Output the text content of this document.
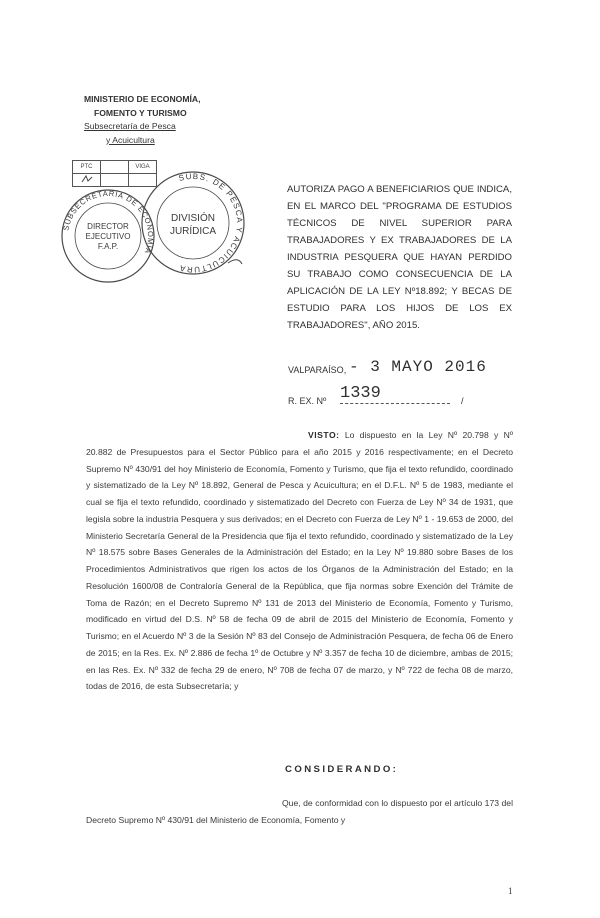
MINISTERIO DE ECONOMÍA,
FOMENTO Y TURISMO
Subsecretaría de Pesca
y Acuicultura
PTC		VIGA

SUBSECRETARÍA DE ECONOMÍA
DIRECTOR
EJECUTIVO
F.A.P.
SUBS. DE PESCA Y ACUICULTURA
DIVISIÓN
JURÍDICA
AUTORIZA PAGO A BENEFICIARIOS QUE INDICA, EN EL MARCO DEL "PROGRAMA DE ESTUDIOS TÉCNICOS DE NIVEL SUPERIOR PARA TRABAJADORES Y EX TRABAJADORES DE LA INDUSTRIA PESQUERA QUE HAYAN PERDIDO SU TRABAJO COMO CONSECUENCIA DE LA APLICACIÓN DE LA LEY Nº18.892; Y BECAS DE ESTUDIO PARA LOS HIJOS DE LOS EX TRABAJADORES", AÑO 2015.
VALPARAÍSO, - 3 MAYO 2016
R. EX. Nº 1339	/
VISTO: Lo dispuesto en la Ley Nº 20.798 y Nº 20.882 de Presupuestos para el Sector Público para el año 2015 y 2016 respectivamente; en el Decreto Supremo Nº 430/91 del hoy Ministerio de Economía, Fomento y Turismo, que fija el texto refundido, coordinado y sistematizado de la Ley Nº 18.892, General de Pesca y Acuicultura; en el D.F.L. Nº 5 de 1983, mediante el cual se fija el texto refundido, coordinado y sistematizado del Decreto con Fuerza de Ley Nº 34 de 1931, que legisla sobre la industria Pesquera y sus derivados; en el Decreto con Fuerza de Ley Nº 1 - 19.653 de 2000, del Ministerio Secretaría General de la Presidencia que fija el texto refundido, coordinado y sistematizado de la Ley Nº 18.575 sobre Bases Generales de la Administración del Estado; en la Ley Nº 19.880 sobre Bases de los Procedimientos Administrativos que rigen los actos de los Órganos de la Administración del Estado; en la Resolución 1600/08 de Contraloría General de la República, que fija normas sobre Exención del Trámite de Toma de Razón; en el Decreto Supremo Nº 131 de 2013 del Ministerio de Economía, Fomento y Turismo, modificado en virtud del D.S. Nº 58 de fecha 09 de abril de 2015 del Ministerio de Economía, Fomento y Turismo; en el Acuerdo Nº 3 de la Sesión Nº 83 del Consejo de Administración Pesquera, de fecha 06 de Enero de 2015; en la Res. Ex. Nº 2.886 de fecha 1º de Octubre y Nº 3.357 de fecha 10 de diciembre, ambas de 2015; en las Res. Ex. Nº 332 de fecha 29 de enero, Nº 708 de fecha 07 de marzo, y Nº 722 de fecha 08 de marzo, todas de 2016, de esta Subsecretaría; y
CONSIDERANDO:
Que, de conformidad con lo dispuesto por el artículo 173 del Decreto Supremo Nº 430/91 del Ministerio de Economía, Fomento y
1
